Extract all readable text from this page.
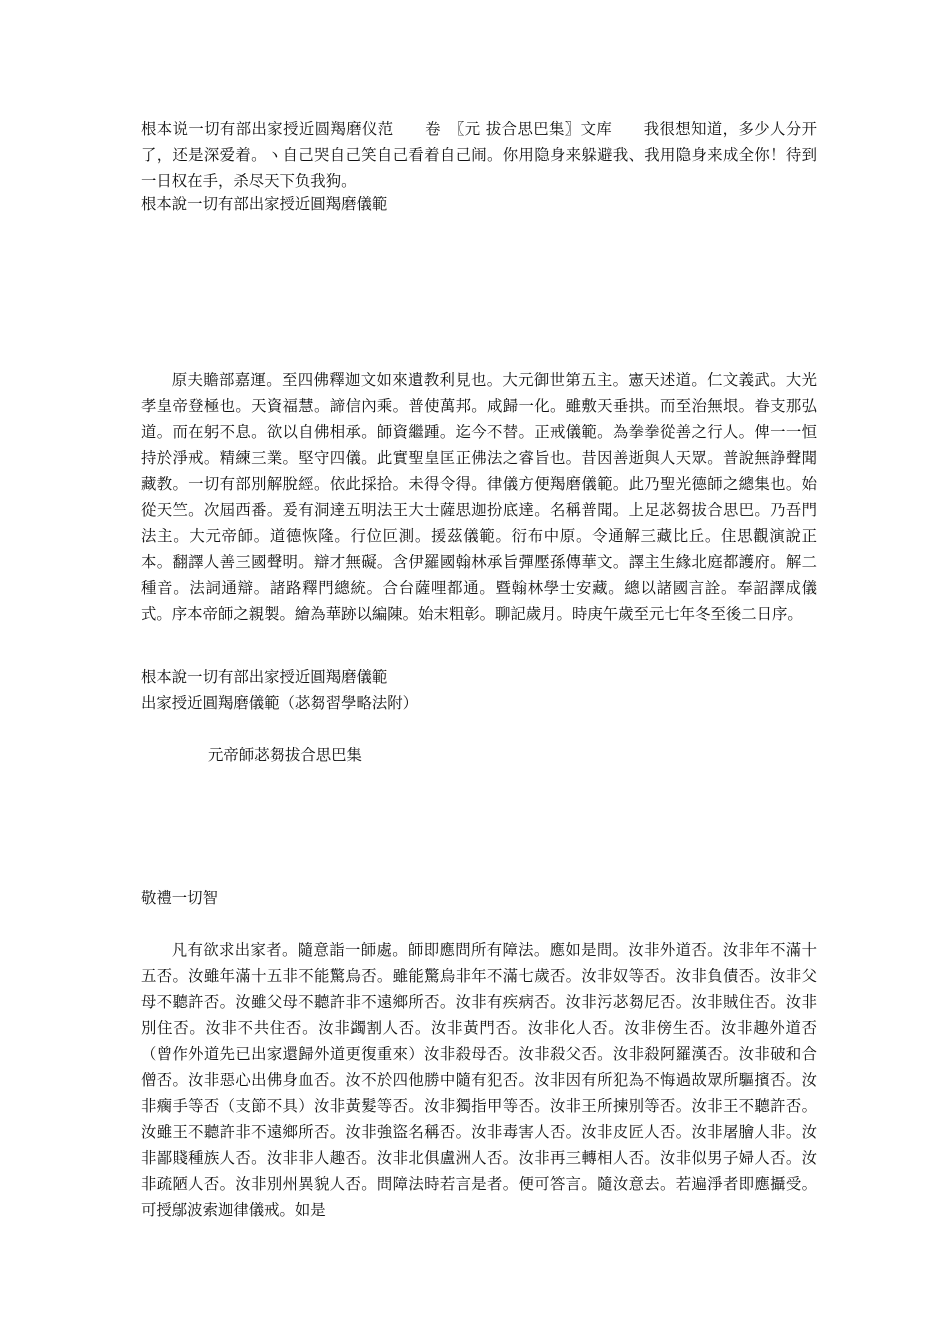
根本说一切有部出家授近圆羯磨仪范　　卷　〖元 拔合思巴集〗文库　　我很想知道，多少人分开了，还是深爱着。ヽ自己哭自己笑自己看着自己闹。你用隐身来躲避我、我用隐身来成全你！待到一日权在手，杀尽天下负我狗。

根本說一切有部出家授近圓羯磨儀範

原夫贍部嘉運。至四佛釋迦文如來遺教利見也。大元御世第五主。憲天述道。仁文義武。大光孝皇帝登極也。天資福慧。諦信內乘。普使萬邦。咸歸一化。雖敷天垂拱。而至治無垠。眷支那弘道。而在躬不息。欲以自佛相承。師資繼踵。迄今不替。正戒儀範。為拳拳從善之行人。俾一一恒持於淨戒。精練三業。堅守四儀。此實聖皇匡正佛法之睿旨也。昔因善逝與人天眾。普說無諍聲聞藏教。一切有部別解脫經。依此採拾。未得令得。律儀方便羯磨儀範。此乃聖光德師之總集也。始從天竺。次屆西番。爰有洞達五明法王大士薩思迦扮底達。名稱普聞。上足苾芻拔合思巴。乃吾門法主。大元帝師。道德恢隆。行位叵測。援茲儀範。衍布中原。令通解三藏比丘。住思觀演說正本。翻譯人善三國聲明。辯才無礙。含伊羅國翰林承旨彈壓孫傳華文。譯主生緣北庭都護府。解二種音。法詞通辯。諸路釋門總統。合台薩哩都通。暨翰林學士安藏。總以諸國言詮。奉詔譯成儀式。序本帝師之親製。繪為華跡以編陳。始末粗彰。聊記歲月。時庚午歲至元七年冬至後二日序。

根本說一切有部出家授近圓羯磨儀範

出家授近圓羯磨儀範（苾芻習學略法附）

元帝師苾芻拔合思巴集

敬禮一切智

凡有欲求出家者。隨意詣一師處。師即應問所有障法。應如是問。汝非外道否。汝非年不滿十五否。汝雖年滿十五非不能驚烏否。雖能驚烏非年不滿七歲否。汝非奴等否。汝非負債否。汝非父母不聽許否。汝雖父母不聽許非不遠鄉所否。汝非有疾病否。汝非污苾芻尼否。汝非賊住否。汝非別住否。汝非不共住否。汝非蠲割人否。汝非黃門否。汝非化人否。汝非傍生否。汝非趣外道否（曾作外道先已出家還歸外道更復重來）汝非殺母否。汝非殺父否。汝非殺阿羅漢否。汝非破和合僧否。汝非惡心出佛身血否。汝不於四他勝中隨有犯否。汝非因有所犯為不悔過故眾所驅擯否。汝非瘸手等否（支節不具）汝非黃髮等否。汝非獨指甲等否。汝非王所揀別等否。汝非王不聽許否。汝雖王不聽許非不遠鄉所否。汝非強盜名稱否。汝非毒害人否。汝非皮匠人否。汝非屠膾人非。汝非鄙賤種族人否。汝非非人趣否。汝非北俱盧洲人否。汝非再三轉相人否。汝非似男子婦人否。汝非疏陋人否。汝非別州異貌人否。問障法時若言是者。便可答言。隨汝意去。若遍淨者即應攝受。可授鄔波索迦律儀戒。如是
